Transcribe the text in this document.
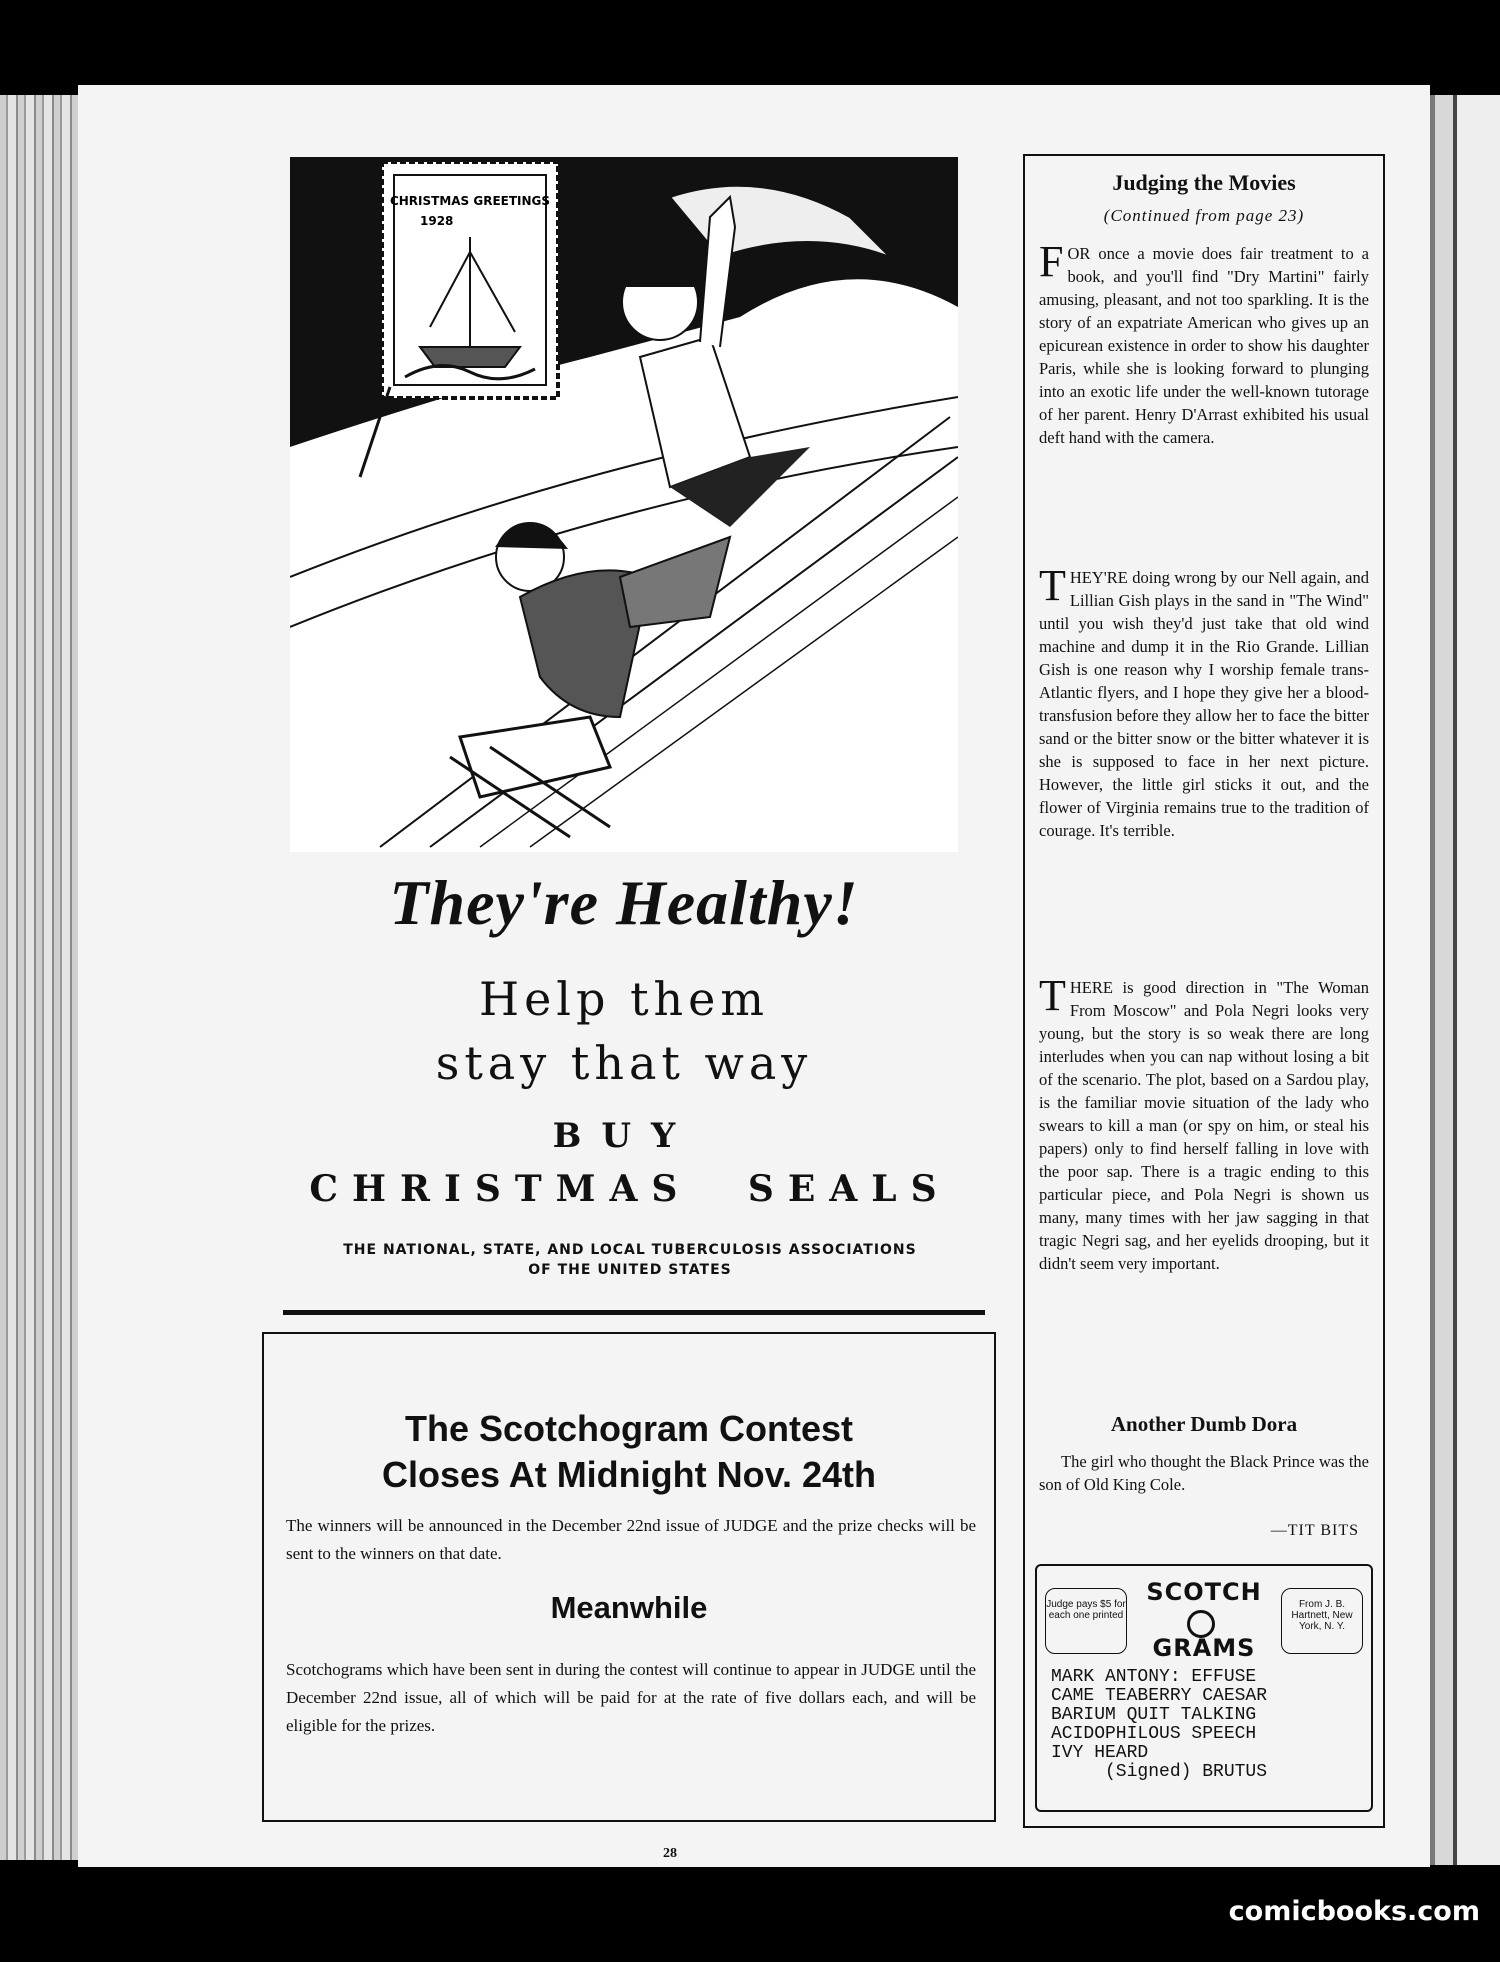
CHRISTMAS GREETINGS
1928
They're Healthy!

Help them

stay that way

BUY

CHRISTMAS SEALS

THE NATIONAL, STATE, AND LOCAL TUBERCULOSIS ASSOCIATIONS
OF THE UNITED STATES
The Scotchogram Contest
Closes At Midnight Nov. 24th

The winners will be announced in the December 22nd issue of JUDGE and the prize checks will be sent to the winners on that date.

Meanwhile

Scotchograms which have been sent in during the contest will continue to appear in JUDGE until the December 22nd issue, all of which will be paid for at the rate of five dollars each, and will be eligible for the prizes.

Judging the Movies

(Continued from page 23)

FOR once a movie does fair treatment to a book, and you'll find "Dry Martini" fairly amusing, pleasant, and not too sparkling. It is the story of an expatriate American who gives up an epicurean existence in order to show his daughter Paris, while she is looking forward to plunging into an exotic life under the well-known tutorage of her parent. Henry D'Arrast exhibited his usual deft hand with the camera.

THEY'RE doing wrong by our Nell again, and Lillian Gish plays in the sand in "The Wind" until you wish they'd just take that old wind machine and dump it in the Rio Grande. Lillian Gish is one reason why I worship female trans-Atlantic flyers, and I hope they give her a blood-transfusion before they allow her to face the bitter sand or the bitter snow or the bitter whatever it is she is supposed to face in her next picture. However, the little girl sticks it out, and the flower of Virginia remains true to the tradition of courage. It's terrible.

THERE is good direction in "The Woman From Moscow" and Pola Negri looks very young, but the story is so weak there are long interludes when you can nap without losing a bit of the scenario. The plot, based on a Sardou play, is the familiar movie situation of the lady who swears to kill a man (or spy on him, or steal his papers) only to find herself falling in love with the poor sap. There is a tragic ending to this particular piece, and Pola Negri is shown us many, many times with her jaw sagging in that tragic Negri sag, and her eyelids drooping, but it didn't seem very important.

Another Dumb Dora

The girl who thought the Black Prince was the son of Old King Cole.

—TIT BITS

Judge pays $5 for each one printed

SCOTCH

GRAMS

From J. B. Hartnett, New York, N. Y.

MARK ANTONY: EFFUSE
CAME TEABERRY CAESAR
BARIUM QUIT TALKING
ACIDOPHILOUS SPEECH
IVY HEARD
(Signed) BRUTUS

28

comicbooks.com
